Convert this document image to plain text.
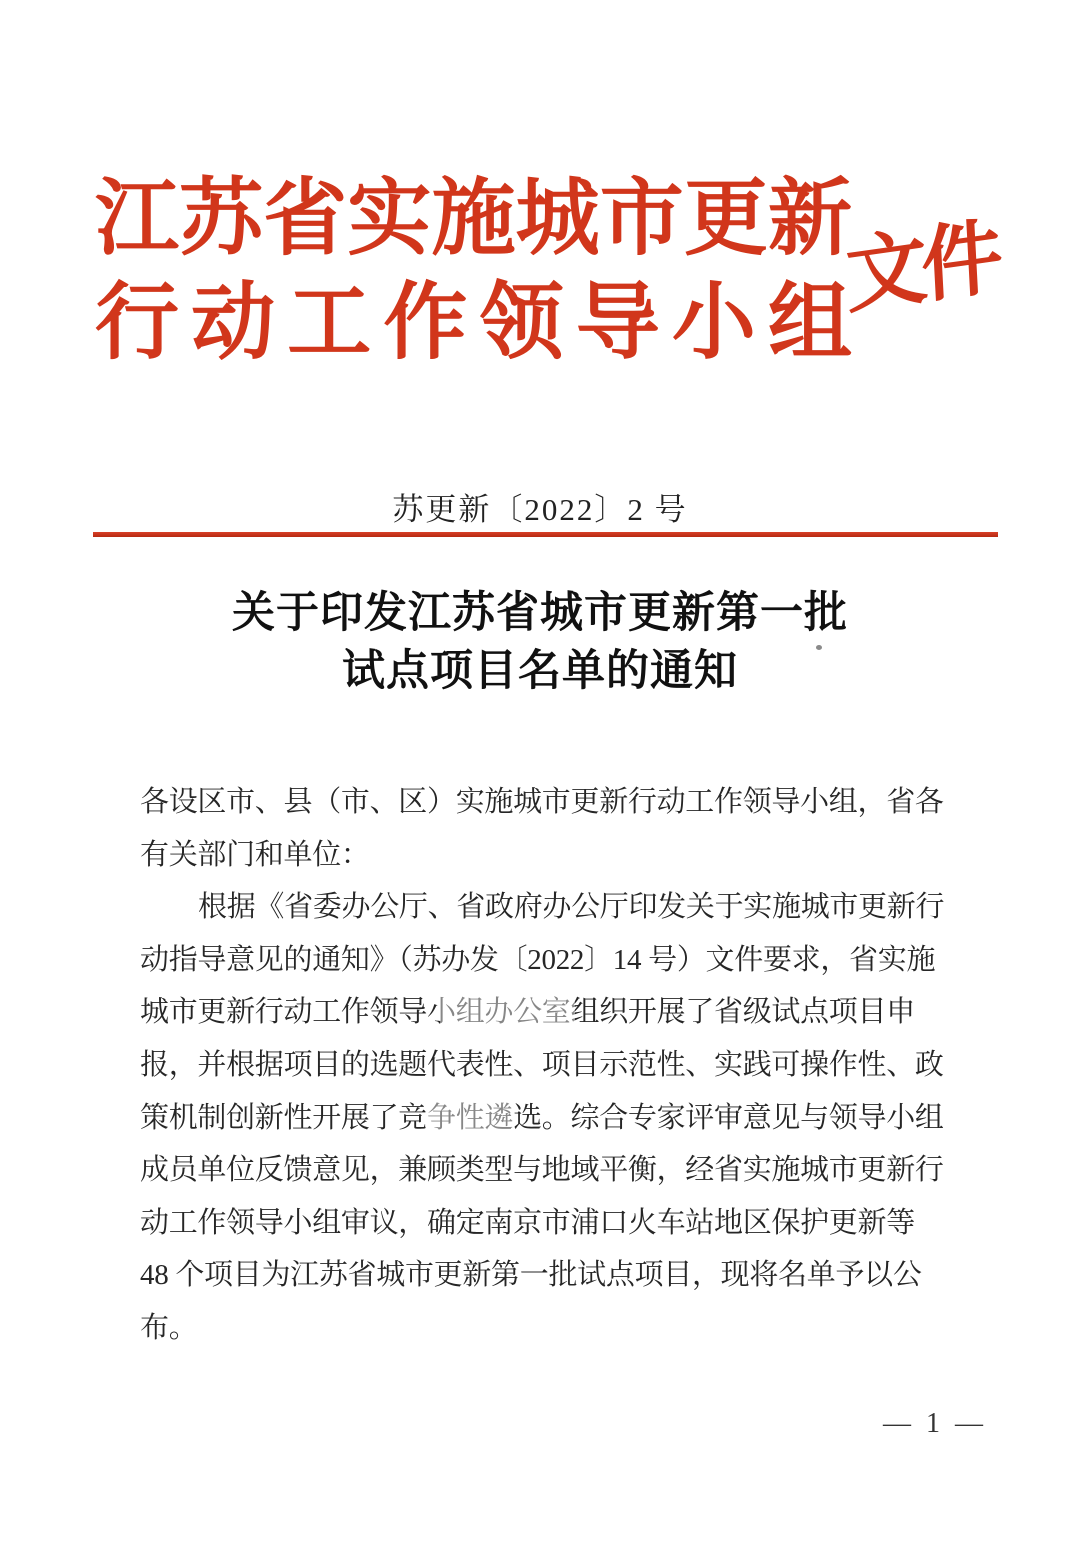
江苏省实施城市更新
行动工作领导小组
文件
苏更新〔2022〕2 号
关于印发江苏省城市更新第一批
试点项目名单的通知
各设区市、县（市、区）实施城市更新行动工作领导小组，省各
有关部门和单位：
根据《省委办公厅、省政府办公厅印发关于实施城市更新行
动指导意见的通知》（苏办发〔2022〕14 号）文件要求，省实施
城市更新行动工作领导小组办公室组织开展了省级试点项目申
报，并根据项目的选题代表性、项目示范性、实践可操作性、政
策机制创新性开展了竞争性遴选。综合专家评审意见与领导小组
成员单位反馈意见，兼顾类型与地域平衡，经省实施城市更新行
动工作领导小组审议，确定南京市浦口火车站地区保护更新等
48 个项目为江苏省城市更新第一批试点项目，现将名单予以公
布。
— 1 —
